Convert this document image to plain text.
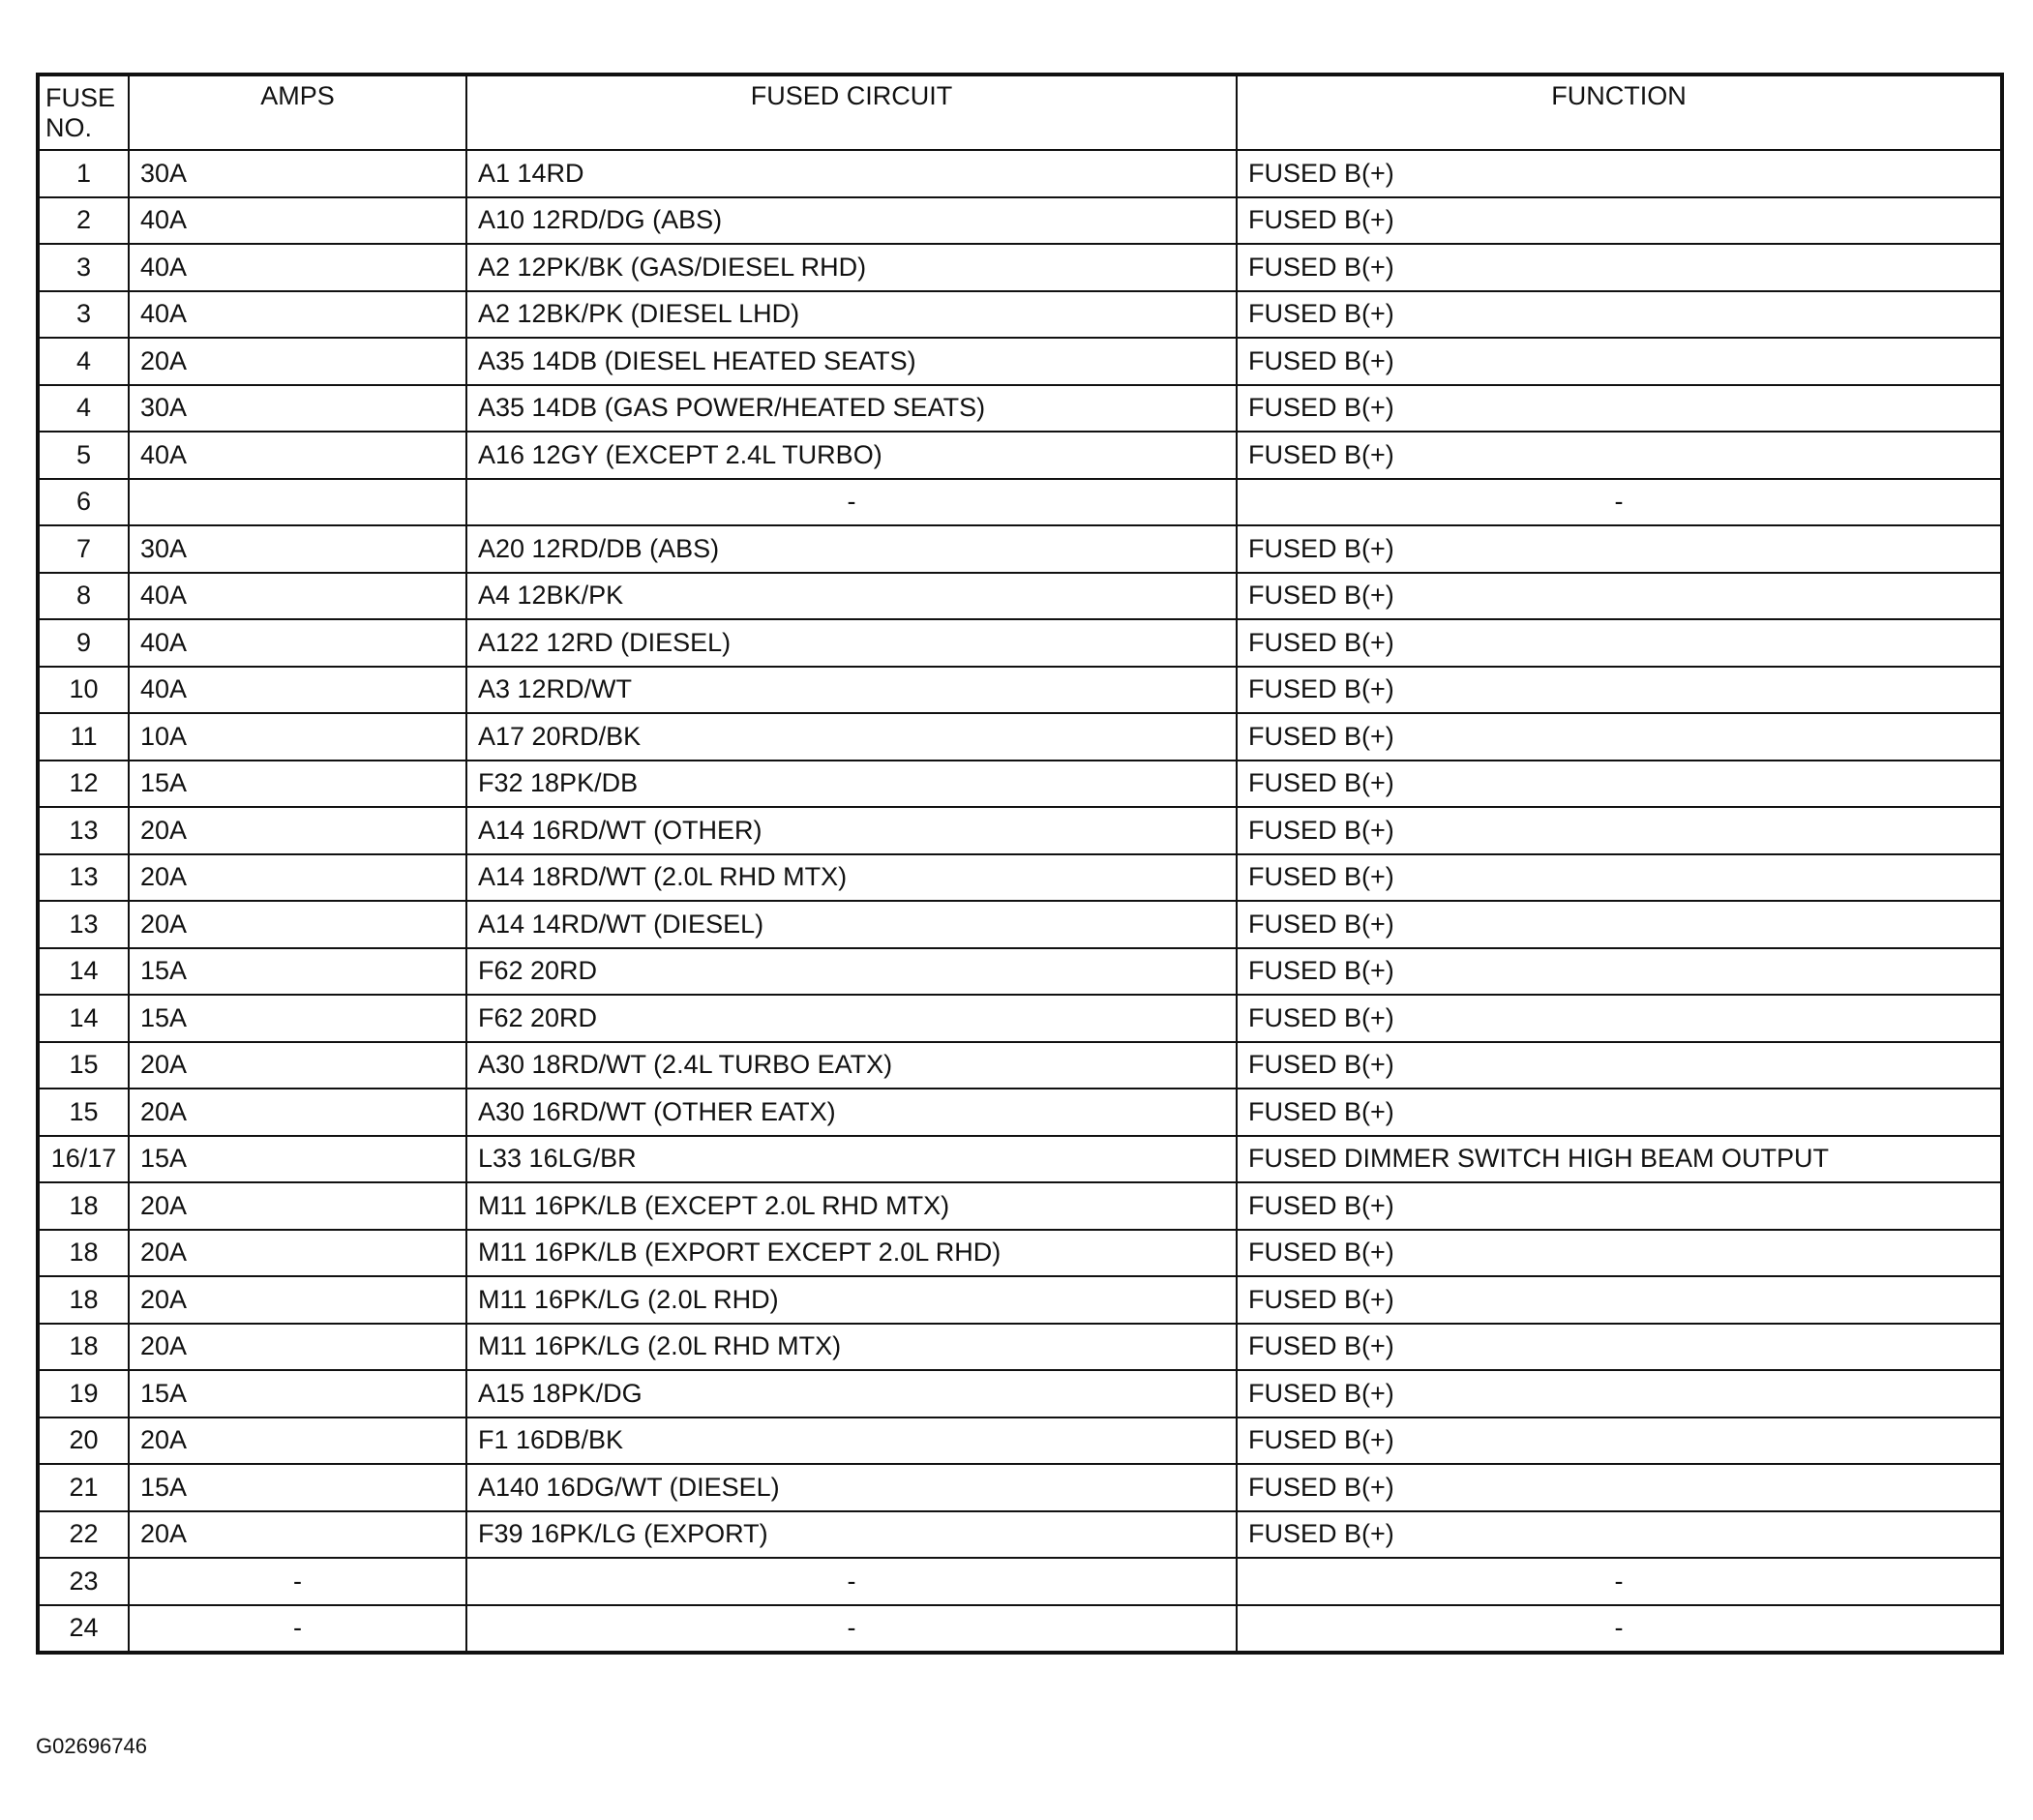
FUSE
NO.	AMPS	FUSED CIRCUIT	FUNCTION
1	30A	A1 14RD	FUSED B(+)
2	40A	A10 12RD/DG (ABS)	FUSED B(+)
3	40A	A2 12PK/BK (GAS/DIESEL RHD)	FUSED B(+)
3	40A	A2 12BK/PK (DIESEL LHD)	FUSED B(+)
4	20A	A35 14DB (DIESEL HEATED SEATS)	FUSED B(+)
4	30A	A35 14DB (GAS POWER/HEATED SEATS)	FUSED B(+)
5	40A	A16 12GY (EXCEPT 2.4L TURBO)	FUSED B(+)
6		-	-
7	30A	A20 12RD/DB (ABS)	FUSED B(+)
8	40A	A4 12BK/PK	FUSED B(+)
9	40A	A122 12RD (DIESEL)	FUSED B(+)
10	40A	A3 12RD/WT	FUSED B(+)
11	10A	A17 20RD/BK	FUSED B(+)
12	15A	F32 18PK/DB	FUSED B(+)
13	20A	A14 16RD/WT (OTHER)	FUSED B(+)
13	20A	A14 18RD/WT (2.0L RHD MTX)	FUSED B(+)
13	20A	A14 14RD/WT (DIESEL)	FUSED B(+)
14	15A	F62 20RD	FUSED B(+)
14	15A	F62 20RD	FUSED B(+)
15	20A	A30 18RD/WT (2.4L TURBO EATX)	FUSED B(+)
15	20A	A30 16RD/WT (OTHER EATX)	FUSED B(+)
16/17	15A	L33 16LG/BR	FUSED DIMMER SWITCH HIGH BEAM OUTPUT
18	20A	M11 16PK/LB (EXCEPT 2.0L RHD MTX)	FUSED B(+)
18	20A	M11 16PK/LB (EXPORT EXCEPT 2.0L RHD)	FUSED B(+)
18	20A	M11 16PK/LG (2.0L RHD)	FUSED B(+)
18	20A	M11 16PK/LG (2.0L RHD MTX)	FUSED B(+)
19	15A	A15 18PK/DG	FUSED B(+)
20	20A	F1 16DB/BK	FUSED B(+)
21	15A	A140 16DG/WT (DIESEL)	FUSED B(+)
22	20A	F39 16PK/LG (EXPORT)	FUSED B(+)
23	-	-	-
24	-	-	-
G02696746
